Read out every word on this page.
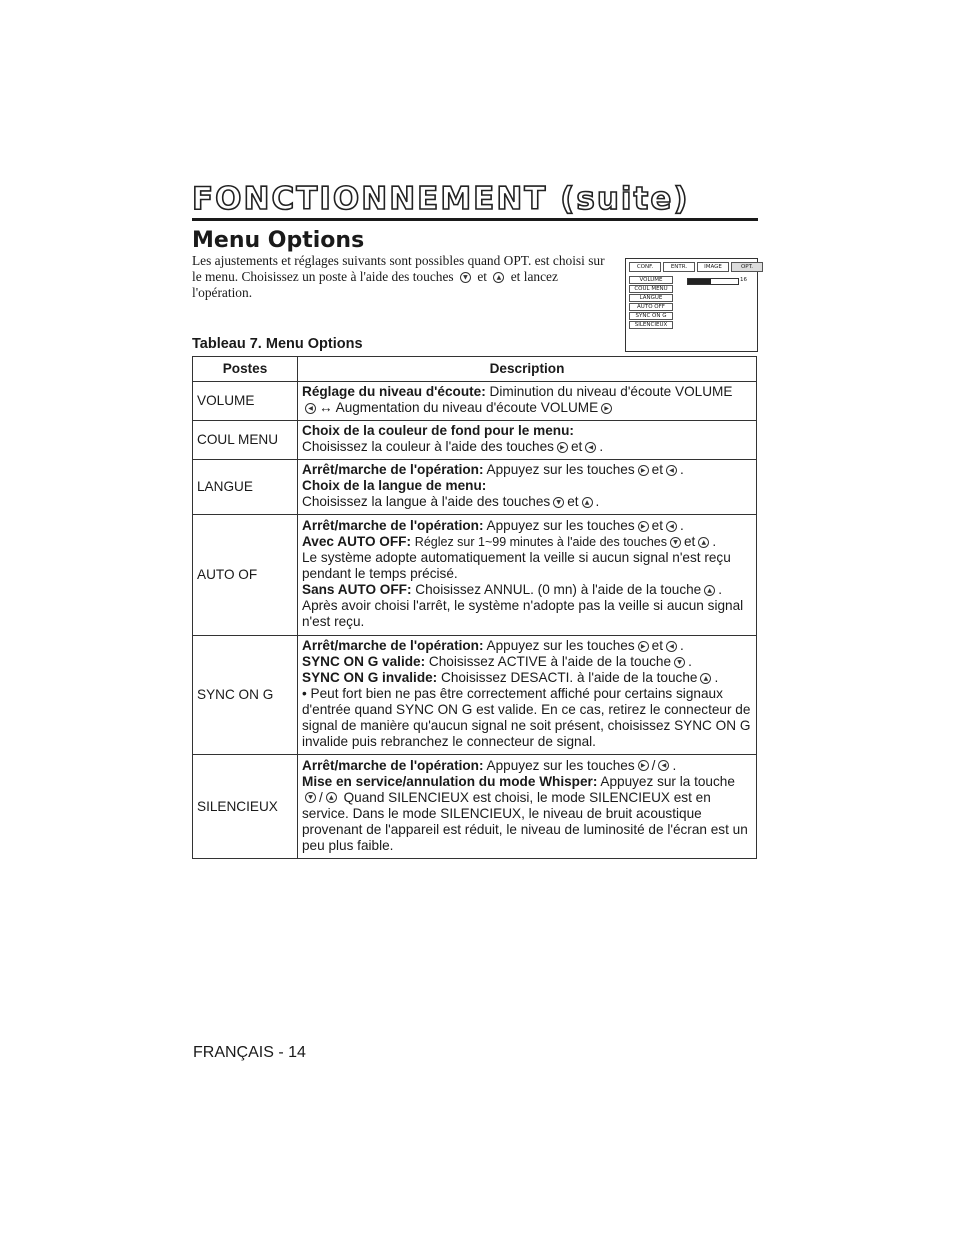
FONCTIONNEMENT (suite)
Menu Options
Les ajustements et réglages suivants sont possibles quand OPT. est choisi sur le menu. Choisissez un poste à l'aide des touches ▼ et ▲ et lancez l'opération.
CONF.	ENTR.	IMAGE	OPT.
VOLUME
COUL MENU
LANGUE
AUTO OFF
SYNC ON G
SILENCIEUX
16
Tableau 7. Menu Options
Postes	Description
VOLUME	Réglage du niveau d'écoute: Diminution du niveau d'écoute VOLUME
◀ ↔ Augmentation du niveau d'écoute VOLUME ▶

COUL MENU	Choix de la couleur de fond pour le menu:
Choisissez la couleur à l'aide des touches ▶ et ◀ .

LANGUE	Arrêt/marche de l'opération: Appuyez sur les touches ▶ et ◀ .
Choix de la langue de menu:
Choisissez la langue à l'aide des touches ▼ et ▲ .

AUTO OF	Arrêt/marche de l'opération: Appuyez sur les touches ▶ et ◀ .
Avec AUTO OFF: Réglez sur 1~99 minutes à l'aide des touches ▼ et ▲ .
Le système adopte automatiquement la veille si aucun signal n'est reçu pendant le temps précisé.
Sans AUTO OFF: Choisissez ANNUL. (0 mn) à l'aide de la touche ▲ .
Après avoir choisi l'arrêt, le système n'adopte pas la veille si aucun signal n'est reçu.

SYNC ON G	Arrêt/marche de l'opération: Appuyez sur les touches ▶ et ◀ .
SYNC ON G valide: Choisissez ACTIVE à l'aide de la touche ▼ .
SYNC ON G invalide: Choisissez DESACTI. à l'aide de la touche ▲ .
• Peut fort bien ne pas être correctement affiché pour certains signaux d'entrée quand SYNC ON G est valide. En ce cas, retirez le connecteur de signal de manière qu'aucun signal ne soit présent, choisissez SYNC ON G invalide puis rebranchez le connecteur de signal.

SILENCIEUX	Arrêt/marche de l'opération: Appuyez sur les touches ▶ / ◀ .
Mise en service/annulation du mode Whisper: Appuyez sur la touche ▼ / ▲ Quand SILENCIEUX est choisi, le mode SILENCIEUX est en service. Dans le mode SILENCIEUX, le niveau de bruit acoustique provenant de l'appareil est réduit, le niveau de luminosité de l'écran est un peu plus faible.
FRANÇAIS - 14
